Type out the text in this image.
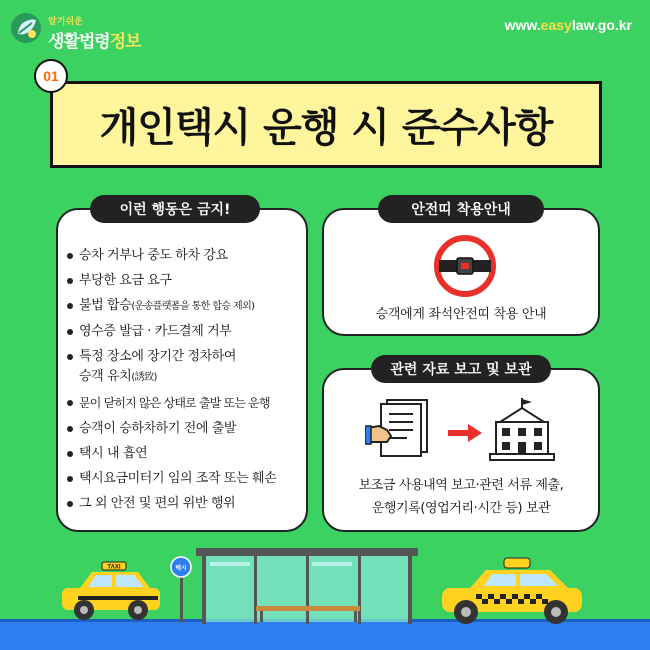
알기쉬운
생활법령정보
www.easylaw.go.kr
01
개인택시 운행 시 준수사항
이런 행동은 금지!
승차 거부나 중도 하차 강요
부당한 요금 요구
불법 합승(운송플랫폼을 통한 합승 제외)
영수증 발급 · 카드결제 거부
특정 장소에 장기간 정차하여
승객 유치(誘致)
문이 닫히지 않은 상태로 출발 또는 운행
승객이 승하차하기 전에 출발
택시 내 흡연
택시요금미터기 임의 조작 또는 훼손
그 외 안전 및 편의 위반 행위
안전띠 착용안내
승객에게 좌석안전띠 착용 안내
관련 자료 보고 및 보관
보조금 사용내역 보고·관련 서류 제출,
운행기록(영업거리·시간 등) 보관
TAXI	택시
